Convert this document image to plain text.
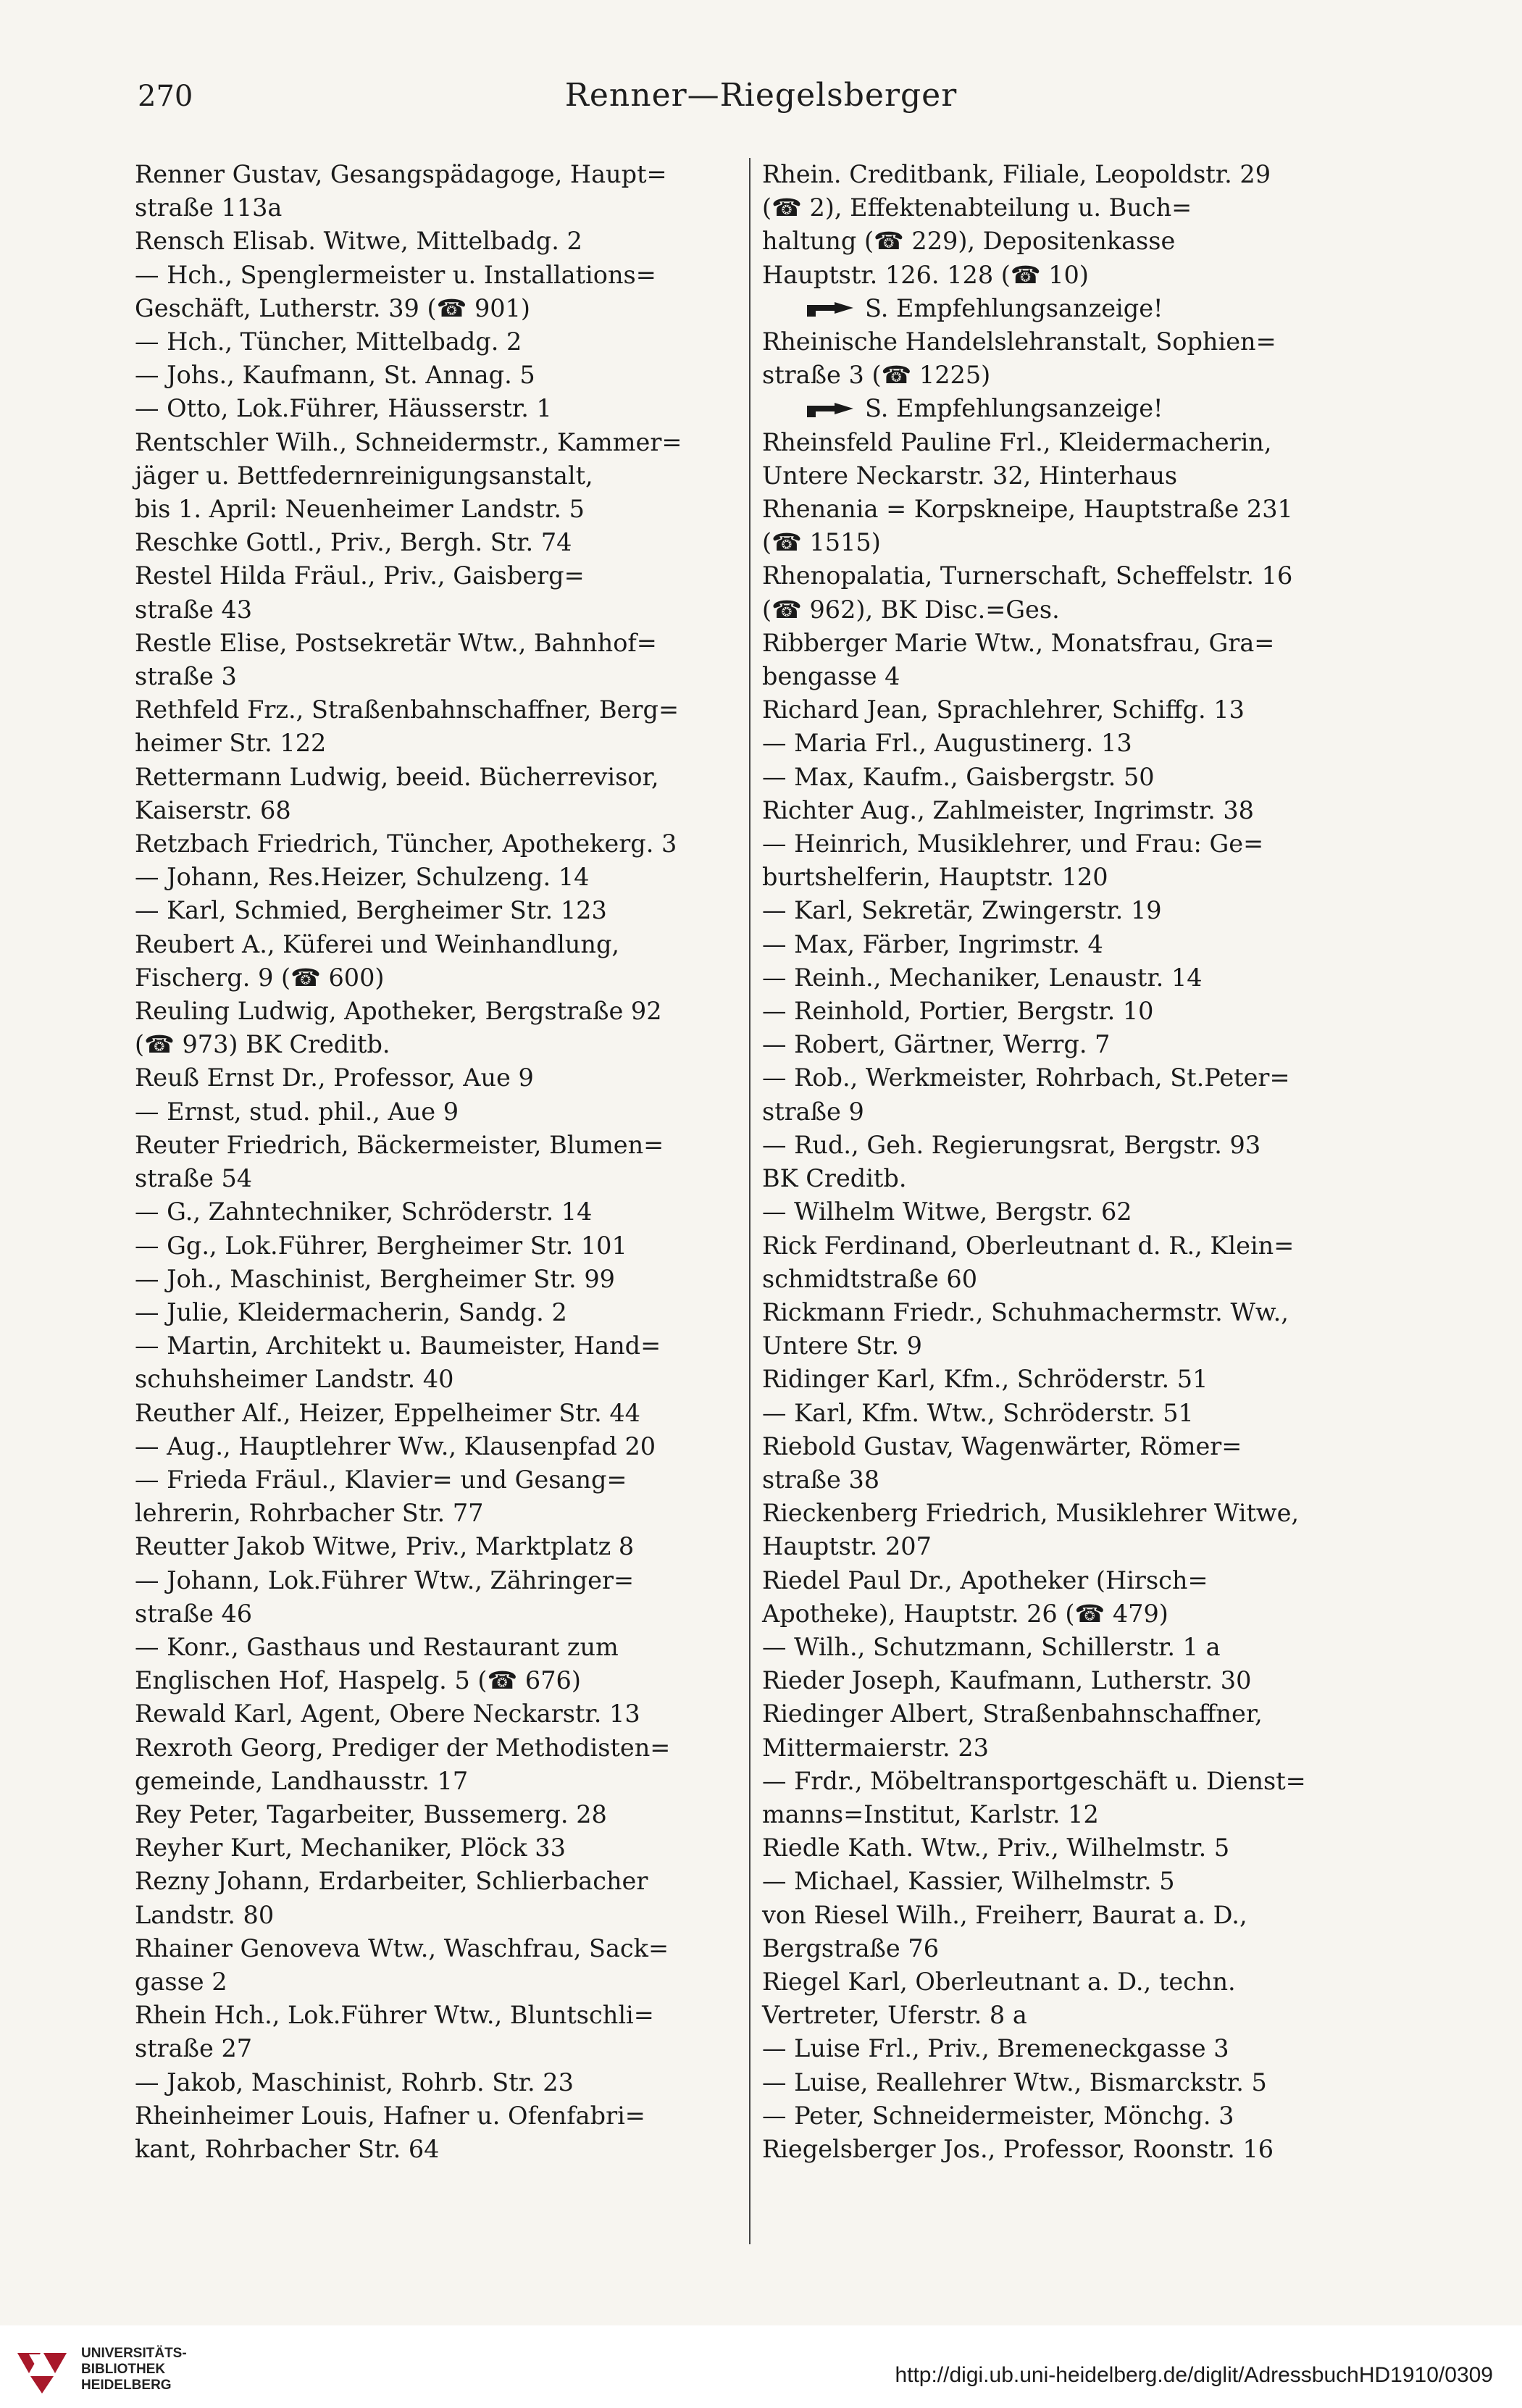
270	Renner—Riegelsberger
Renner Gustav, Gesangspädagoge, Haupt=
straße 113a
Rensch Elisab. Witwe, Mittelbadg. 2
— Hch., Spenglermeister u. Installations=
Geschäft, Lutherstr. 39 (☎ 901)
— Hch., Tüncher, Mittelbadg. 2
— Johs., Kaufmann, St. Annag. 5
— Otto, Lok.Führer, Häusserstr. 1
Rentschler Wilh., Schneidermstr., Kammer=
jäger u. Bettfedernreinigungsanstalt,
bis 1. April: Neuenheimer Landstr. 5
Reschke Gottl., Priv., Bergh. Str. 74
Restel Hilda Fräul., Priv., Gaisberg=
straße 43
Restle Elise, Postsekretär Wtw., Bahnhof=
straße 3
Rethfeld Frz., Straßenbahnschaffner, Berg=
heimer Str. 122
Rettermann Ludwig, beeid. Bücherrevisor,
Kaiserstr. 68
Retzbach Friedrich, Tüncher, Apothekerg. 3
— Johann, Res.Heizer, Schulzeng. 14
— Karl, Schmied, Bergheimer Str. 123
Reubert A., Küferei und Weinhandlung,
Fischerg. 9 (☎ 600)
Reuling Ludwig, Apotheker, Bergstraße 92
(☎ 973) BK Creditb.
Reuß Ernst Dr., Professor, Aue 9
— Ernst, stud. phil., Aue 9
Reuter Friedrich, Bäckermeister, Blumen=
straße 54
— G., Zahntechniker, Schröderstr. 14
— Gg., Lok.Führer, Bergheimer Str. 101
— Joh., Maschinist, Bergheimer Str. 99
— Julie, Kleidermacherin, Sandg. 2
— Martin, Architekt u. Baumeister, Hand=
schuhsheimer Landstr. 40
Reuther Alf., Heizer, Eppelheimer Str. 44
— Aug., Hauptlehrer Ww., Klausenpfad 20
— Frieda Fräul., Klavier= und Gesang=
lehrerin, Rohrbacher Str. 77
Reutter Jakob Witwe, Priv., Marktplatz 8
— Johann, Lok.Führer Wtw., Zähringer=
straße 46
— Konr., Gasthaus und Restaurant zum
Englischen Hof, Haspelg. 5 (☎ 676)
Rewald Karl, Agent, Obere Neckarstr. 13
Rexroth Georg, Prediger der Methodisten=
gemeinde, Landhausstr. 17
Rey Peter, Tagarbeiter, Bussemerg. 28
Reyher Kurt, Mechaniker, Plöck 33
Rezny Johann, Erdarbeiter, Schlierbacher
Landstr. 80
Rhainer Genoveva Wtw., Waschfrau, Sack=
gasse 2
Rhein Hch., Lok.Führer Wtw., Bluntschli=
straße 27
— Jakob, Maschinist, Rohrb. Str. 23
Rheinheimer Louis, Hafner u. Ofenfabri=
kant, Rohrbacher Str. 64
Rhein. Creditbank, Filiale, Leopoldstr. 29
(☎ 2), Effektenabteilung u. Buch=
haltung (☎ 229), Depositenkasse
Hauptstr. 126. 128 (☎ 10)
S. Empfehlungsanzeige!
Rheinische Handelslehranstalt, Sophien=
straße 3 (☎ 1225)
S. Empfehlungsanzeige!
Rheinsfeld Pauline Frl., Kleidermacherin,
Untere Neckarstr. 32, Hinterhaus
Rhenania = Korpskneipe, Hauptstraße 231
(☎ 1515)
Rhenopalatia, Turnerschaft, Scheffelstr. 16
(☎ 962), BK Disc.=Ges.
Ribberger Marie Wtw., Monatsfrau, Gra=
bengasse 4
Richard Jean, Sprachlehrer, Schiffg. 13
— Maria Frl., Augustinerg. 13
— Max, Kaufm., Gaisbergstr. 50
Richter Aug., Zahlmeister, Ingrimstr. 38
— Heinrich, Musiklehrer, und Frau: Ge=
burtshelferin, Hauptstr. 120
— Karl, Sekretär, Zwingerstr. 19
— Max, Färber, Ingrimstr. 4
— Reinh., Mechaniker, Lenaustr. 14
— Reinhold, Portier, Bergstr. 10
— Robert, Gärtner, Werrg. 7
— Rob., Werkmeister, Rohrbach, St.Peter=
straße 9
— Rud., Geh. Regierungsrat, Bergstr. 93
BK Creditb.
— Wilhelm Witwe, Bergstr. 62
Rick Ferdinand, Oberleutnant d. R., Klein=
schmidtstraße 60
Rickmann Friedr., Schuhmachermstr. Ww.,
Untere Str. 9
Ridinger Karl, Kfm., Schröderstr. 51
— Karl, Kfm. Wtw., Schröderstr. 51
Riebold Gustav, Wagenwärter, Römer=
straße 38
Rieckenberg Friedrich, Musiklehrer Witwe,
Hauptstr. 207
Riedel Paul Dr., Apotheker (Hirsch=
Apotheke), Hauptstr. 26 (☎ 479)
— Wilh., Schutzmann, Schillerstr. 1 a
Rieder Joseph, Kaufmann, Lutherstr. 30
Riedinger Albert, Straßenbahnschaffner,
Mittermaierstr. 23
— Frdr., Möbeltransportgeschäft u. Dienst=
manns=Institut, Karlstr. 12
Riedle Kath. Wtw., Priv., Wilhelmstr. 5
— Michael, Kassier, Wilhelmstr. 5
von Riesel Wilh., Freiherr, Baurat a. D.,
Bergstraße 76
Riegel Karl, Oberleutnant a. D., techn.
Vertreter, Uferstr. 8 a
— Luise Frl., Priv., Bremeneckgasse 3
— Luise, Reallehrer Wtw., Bismarckstr. 5
— Peter, Schneidermeister, Mönchg. 3
Riegelsberger Jos., Professor, Roonstr. 16
UNIVERSITÄTS-
BIBLIOTHEK
HEIDELBERG	http://digi.ub.uni-heidelberg.de/diglit/AdressbuchHD1910/0309
